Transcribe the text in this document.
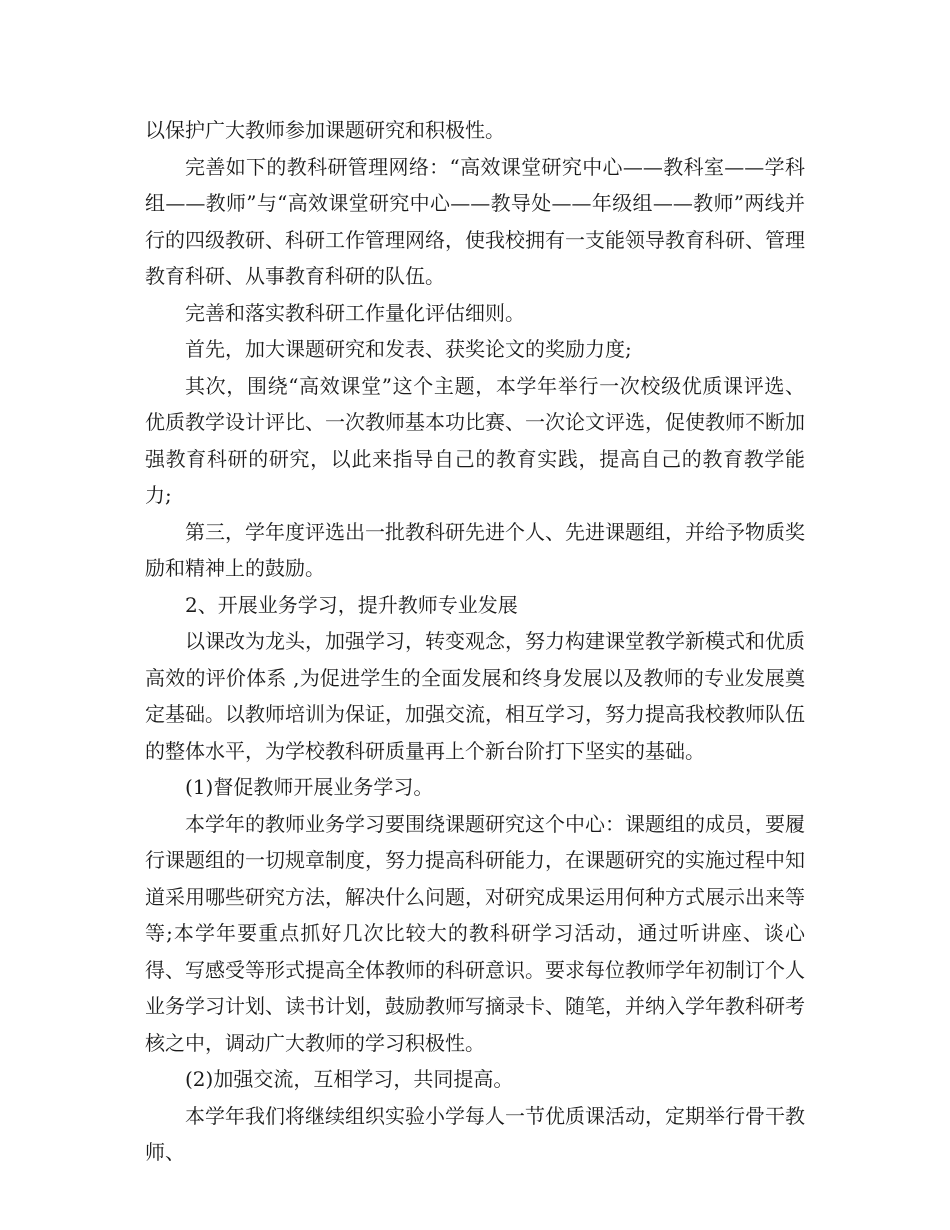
以保护广大教师参加课题研究和积极性。

完善如下的教科研管理网络：“高效课堂研究中心——教科室——学科组——教师”与“高效课堂研究中心——教导处——年级组——教师”两线并行的四级教研、科研工作管理网络，使我校拥有一支能领导教育科研、管理教育科研、从事教育科研的队伍。

完善和落实教科研工作量化评估细则。

首先，加大课题研究和发表、获奖论文的奖励力度;

其次，围绕“高效课堂”这个主题，本学年举行一次校级优质课评选、优质教学设计评比、一次教师基本功比赛、一次论文评选，促使教师不断加强教育科研的研究，以此来指导自己的教育实践，提高自己的教育教学能力;

第三，学年度评选出一批教科研先进个人、先进课题组，并给予物质奖励和精神上的鼓励。

2、开展业务学习，提升教师专业发展

以课改为龙头，加强学习，转变观念，努力构建课堂教学新模式和优质高效的评价体系 ,为促进学生的全面发展和终身发展以及教师的专业发展奠定基础。以教师培训为保证，加强交流，相互学习，努力提高我校教师队伍的整体水平，为学校教科研质量再上个新台阶打下坚实的基础。

(1)督促教师开展业务学习。

本学年的教师业务学习要围绕课题研究这个中心：课题组的成员，要履行课题组的一切规章制度，努力提高科研能力，在课题研究的实施过程中知道采用哪些研究方法，解决什么问题，对研究成果运用何种方式展示出来等等;本学年要重点抓好几次比较大的教科研学习活动，通过听讲座、谈心得、写感受等形式提高全体教师的科研意识。要求每位教师学年初制订个人业务学习计划、读书计划，鼓励教师写摘录卡、随笔，并纳入学年教科研考核之中，调动广大教师的学习积极性。

(2)加强交流，互相学习，共同提高。

本学年我们将继续组织实验小学每人一节优质课活动，定期举行骨干教师、
